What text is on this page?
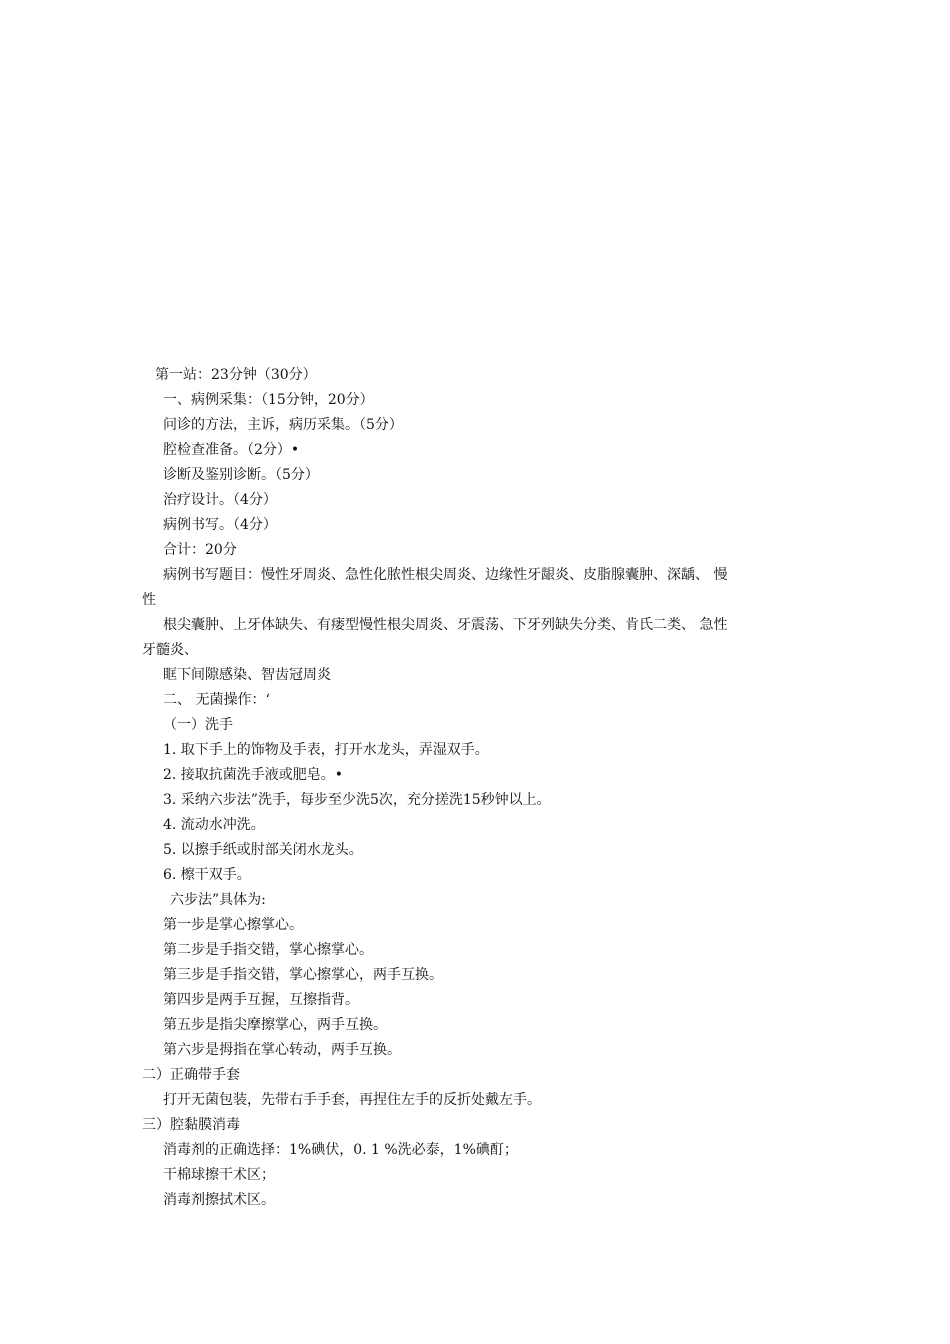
第一站：23分钟（30分）
一、病例采集：（15分钟，20分）
问诊的方法，主诉，病历采集。（5分）
腔检查准备。（2分）•
诊断及鉴别诊断。（5分）
治疗设计。（4分）
病例书写。（4分）
合计：20分
病例书写题目：慢性牙周炎、急性化脓性根尖周炎、边缘性牙龈炎、皮脂腺囊肿、深龋、 慢
性
根尖囊肿、上牙体缺失、有瘘型慢性根尖周炎、牙震荡、下牙列缺失分类、肯氏二类、 急性
牙髓炎、
眶下间隙感染、智齿冠周炎
二、 无菌操作：‘
（一）洗手
1. 取下手上的饰物及手表，打开水龙头，弄湿双手。
2. 接取抗菌洗手液或肥皂。•
3. 采纳六步法”洗手，每步至少洗5次，充分搓洗15秒钟以上。
4. 流动水冲洗。
5. 以擦手纸或肘部关闭水龙头。
6. 檫干双手。
六步法”具体为:
第一步是掌心擦掌心。
第二步是手指交错，掌心擦掌心。
第三步是手指交错，掌心擦掌心，两手互换。
第四步是两手互握，互擦指背。
第五步是指尖摩擦掌心，两手互换。
第六步是拇指在掌心转动，两手互换。
二）正确带手套
打开无菌包装，先带右手手套，再捏住左手的反折处戴左手。
三）腔黏膜消毒
消毒剂的正确选择：1%碘伏，0. 1 %洗必泰，1%碘酊；
干棉球擦干术区；
消毒剂擦拭术区。
